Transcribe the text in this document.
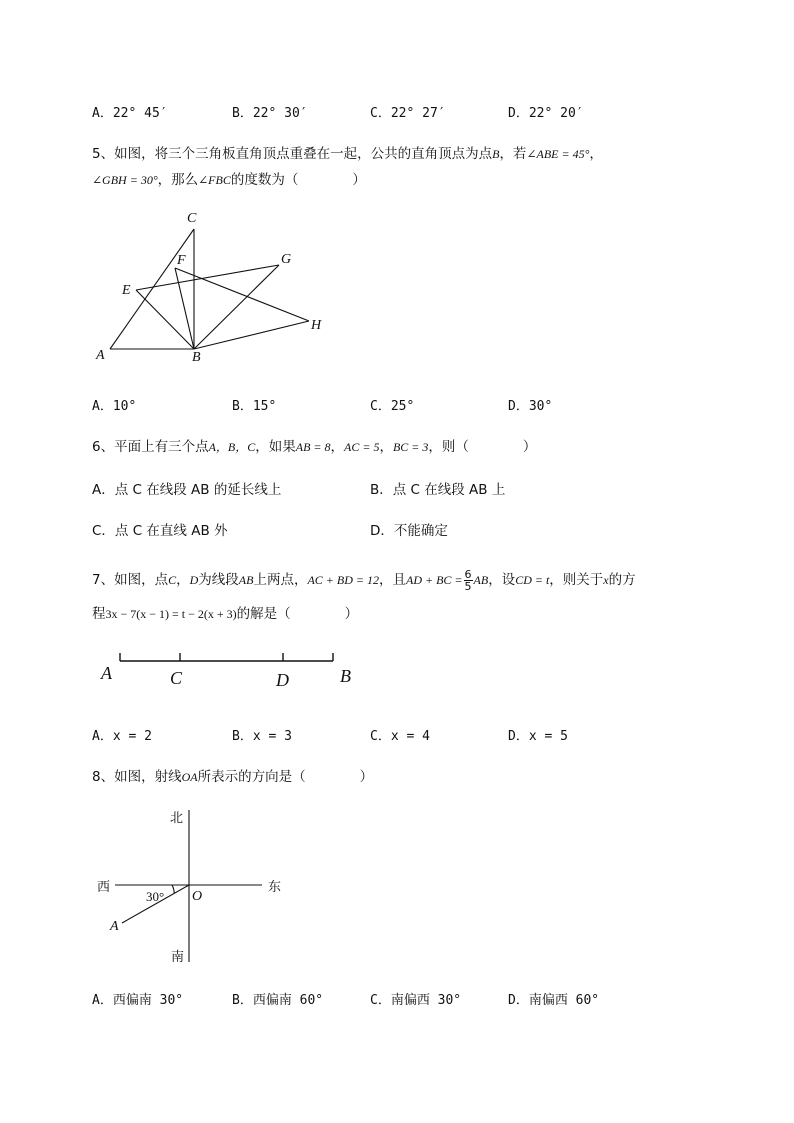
A．22° 45′	B．22° 30′	C．22° 27′	D．22° 20′
5、如图，将三个三角板直角顶点重叠在一起，公共的直角顶点为点B，若∠ABE = 45°，
∠GBH = 30°，那么∠FBC的度数为（　　　　）
C
F	G
E
H
A	B
A	C	D	B
北
南
西	东
O
A
30°
A．10°	B．15°	C．25°	D．30°
6、平面上有三个点A，B，C，如果AB = 8，AC = 5，BC = 3，则（　　　　）
A．点 C 在线段 AB 的延长线上	B．点 C 在线段 AB 上
C．点 C 在直线 AB 外	D．不能确定
7、如图，点C，D为线段AB上两点，AC + BD = 12，且AD + BC = $\frac{6}{5}$ AB，设CD = t，则关于x的方
程3x − 7(x − 1) = t − 2(x + 3)的解是（　　　　）
A．x = 2	B．x = 3	C．x = 4	D．x = 5
8、如图，射线OA所表示的方向是（　　　　）
A．西偏南 30°	B．西偏南 60°	C．南偏西 30°	D．南偏西 60°
